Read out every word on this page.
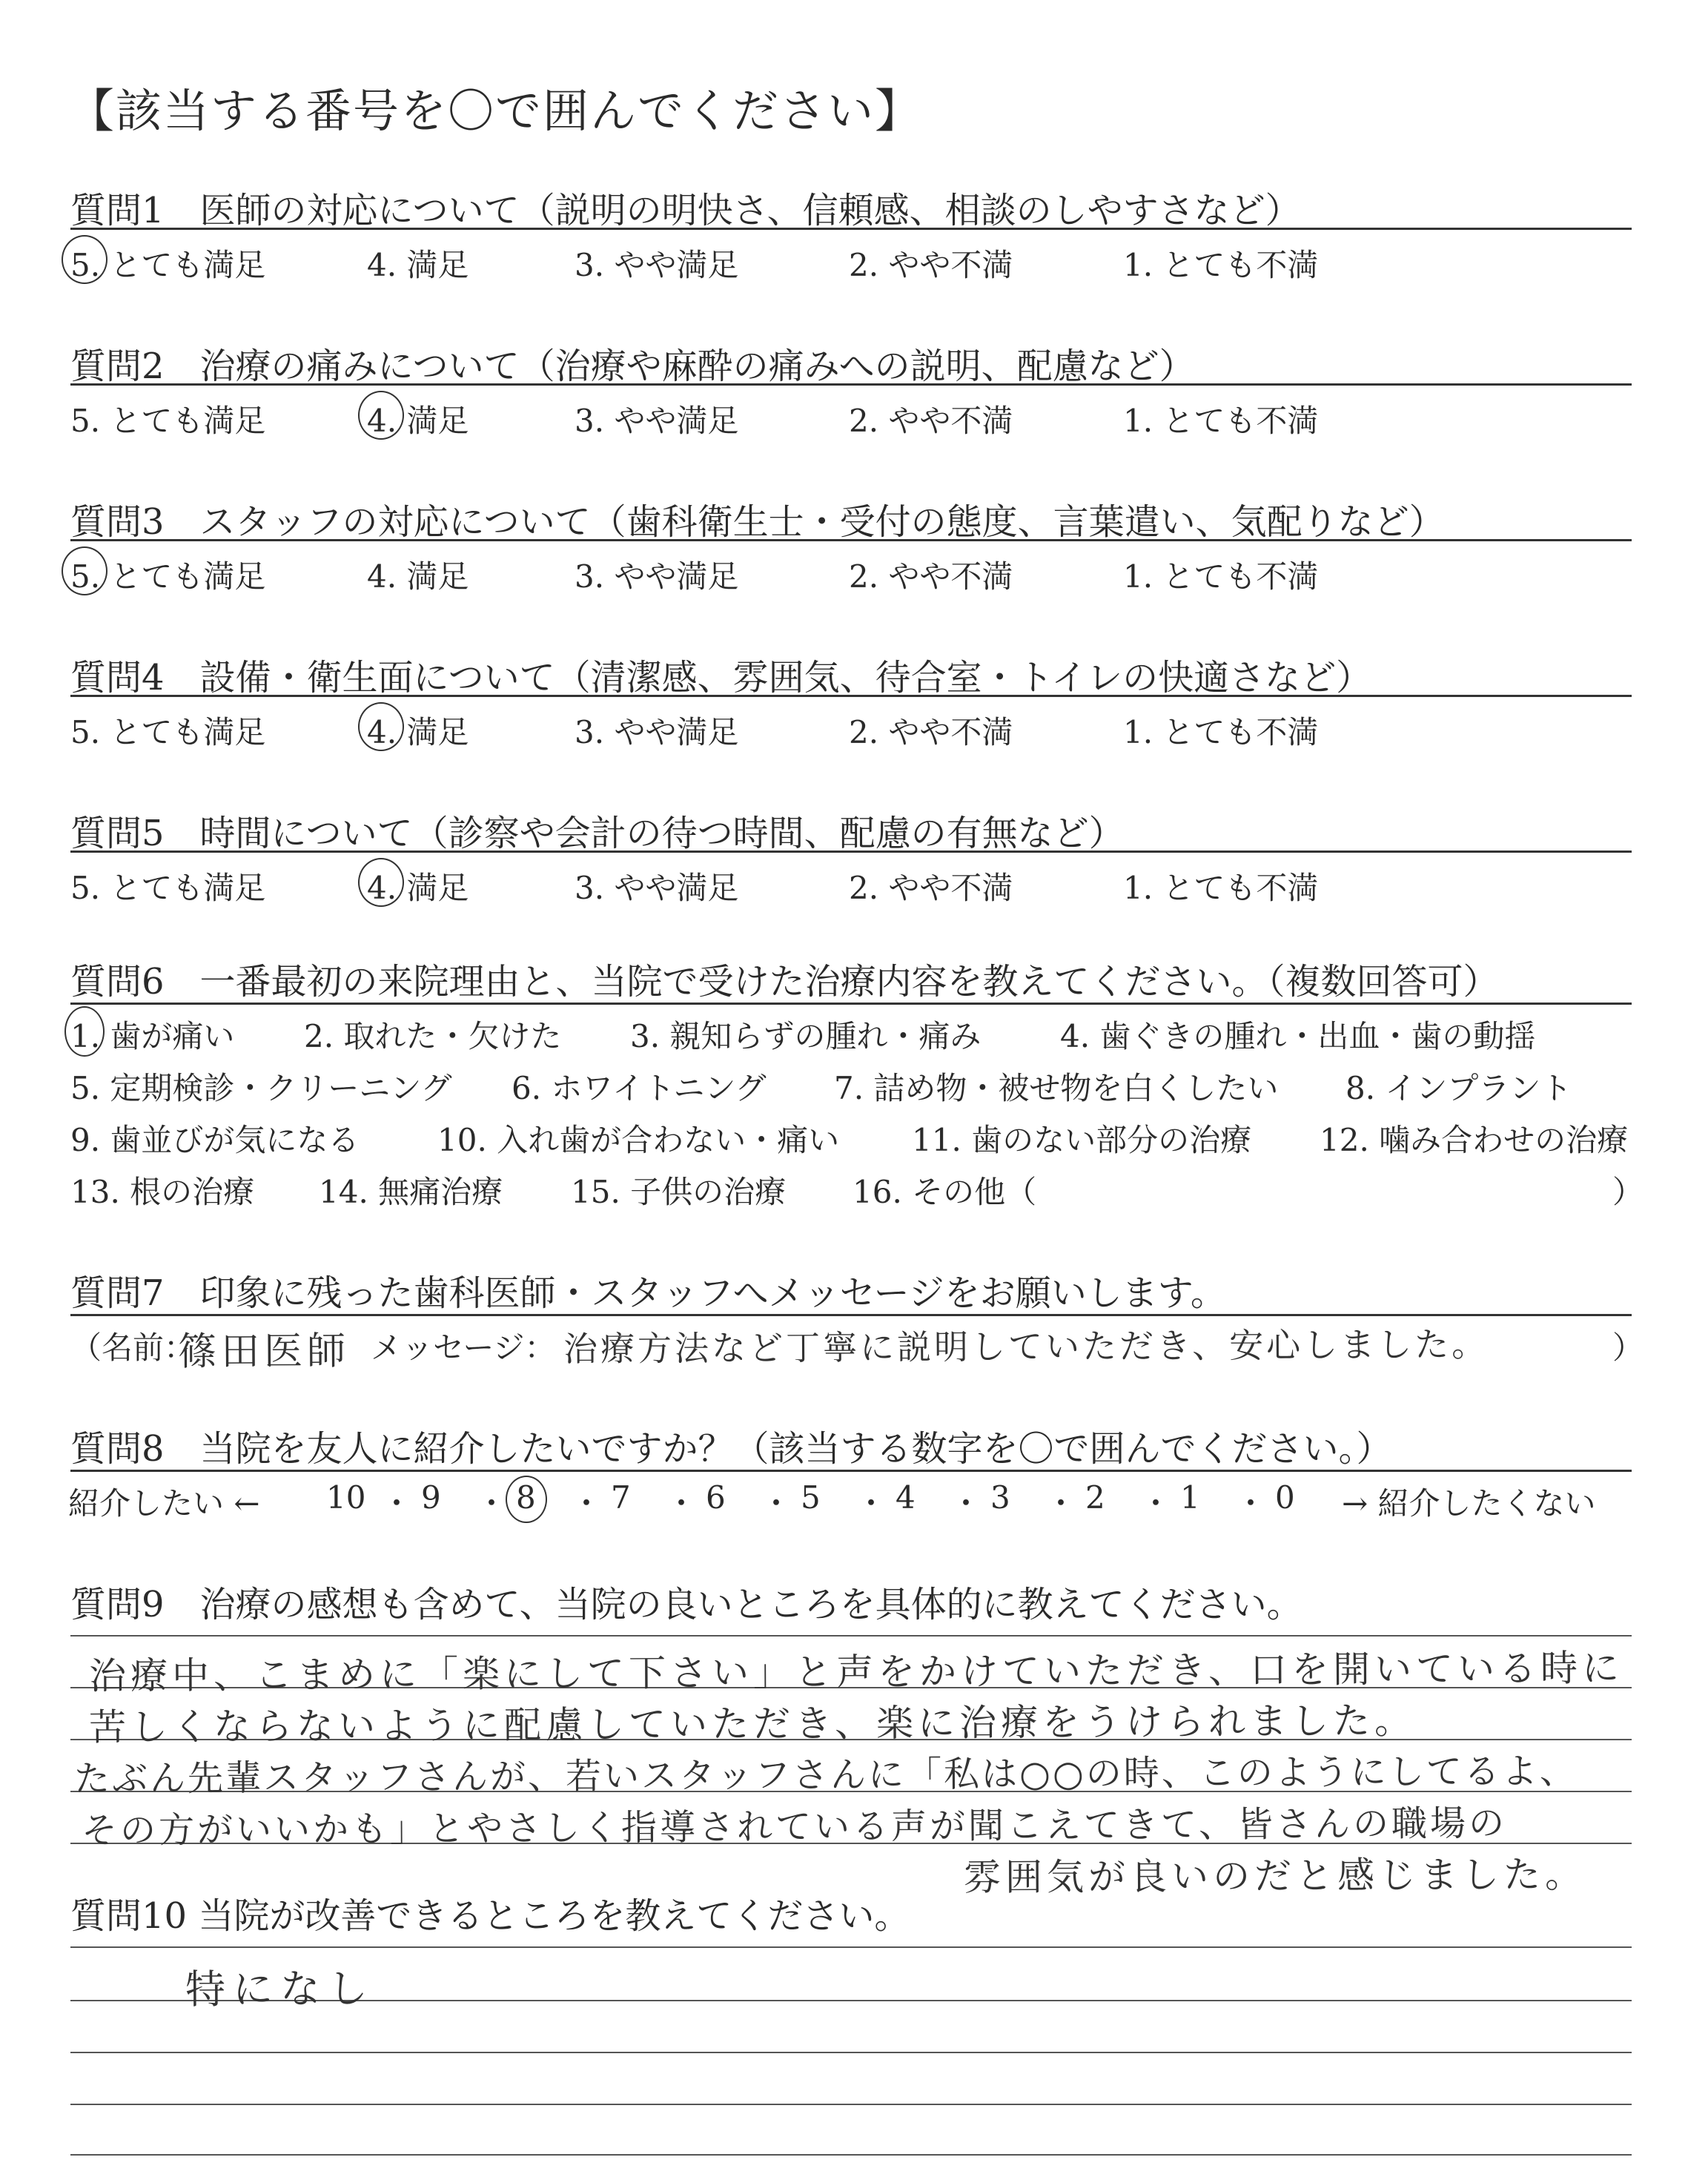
【該当する番号を〇で囲んでください】
質問1　医師の対応について（説明の明快さ、信頼感、相談のしやすさなど）
5. とても満足	4. 満足	3. やや満足	2. やや不満	1. とても不満
質問2　治療の痛みについて（治療や麻酔の痛みへの説明、配慮など）
5. とても満足	4. 満足	3. やや満足	2. やや不満	1. とても不満
質問3　スタッフの対応について（歯科衛生士・受付の態度、言葉遣い、気配りなど）
5. とても満足	4. 満足	3. やや満足	2. やや不満	1. とても不満
質問4　設備・衛生面について（清潔感、雰囲気、待合室・トイレの快適さなど）
5. とても満足	4. 満足	3. やや満足	2. やや不満	1. とても不満
質問5　時間について（診察や会計の待つ時間、配慮の有無など）
5. とても満足	4. 満足	3. やや満足	2. やや不満	1. とても不満
質問6　一番最初の来院理由と、当院で受けた治療内容を教えてください。（複数回答可）
1. 歯が痛い 2. 取れた・欠けた 3. 親知らずの腫れ・痛み	4. 歯ぐきの腫れ・出血・歯の動揺
5. 定期検診・クリーニング 6. ホワイトニング 7. 詰め物・被せ物を白くしたい 8. インプラント
9. 歯並びが気になる	10. 入れ歯が合わない・痛い 11. 歯のない部分の治療 12. 噛み合わせの治療
13. 根の治療 14. 無痛治療 15. 子供の治療 16. その他（	）
質問7　印象に残った歯科医師・スタッフへメッセージをお願いします。
（名前：
篠田医師 メッセージ： 治療方法など丁寧に説明していただき、安心しました。	）
質問8　当院を友人に紹介したいですか？（該当する数字を〇で囲んでください。）
紹介したい ← 10 ・ 9 ・ 8 ・ 7 ・ 6 ・ 5 ・ 4 ・ 3 ・ 2 ・ 1 ・ 0 → 紹介したくない
質問9　治療の感想も含めて、当院の良いところを具体的に教えてください。
治療中、こまめに「楽にして下さい」と声をかけていただき、口を開いている時に
苦しくならないように配慮していただき、楽に治療をうけられました。
たぶん先輩スタッフさんが、若いスタッフさんに「私は○○の時、このようにしてるよ、
その方がいいかも」とやさしく指導されている声が聞こえてきて、皆さんの職場の
雰囲気が良いのだと感じました。
質問10 当院が改善できるところを教えてください。
特になし
